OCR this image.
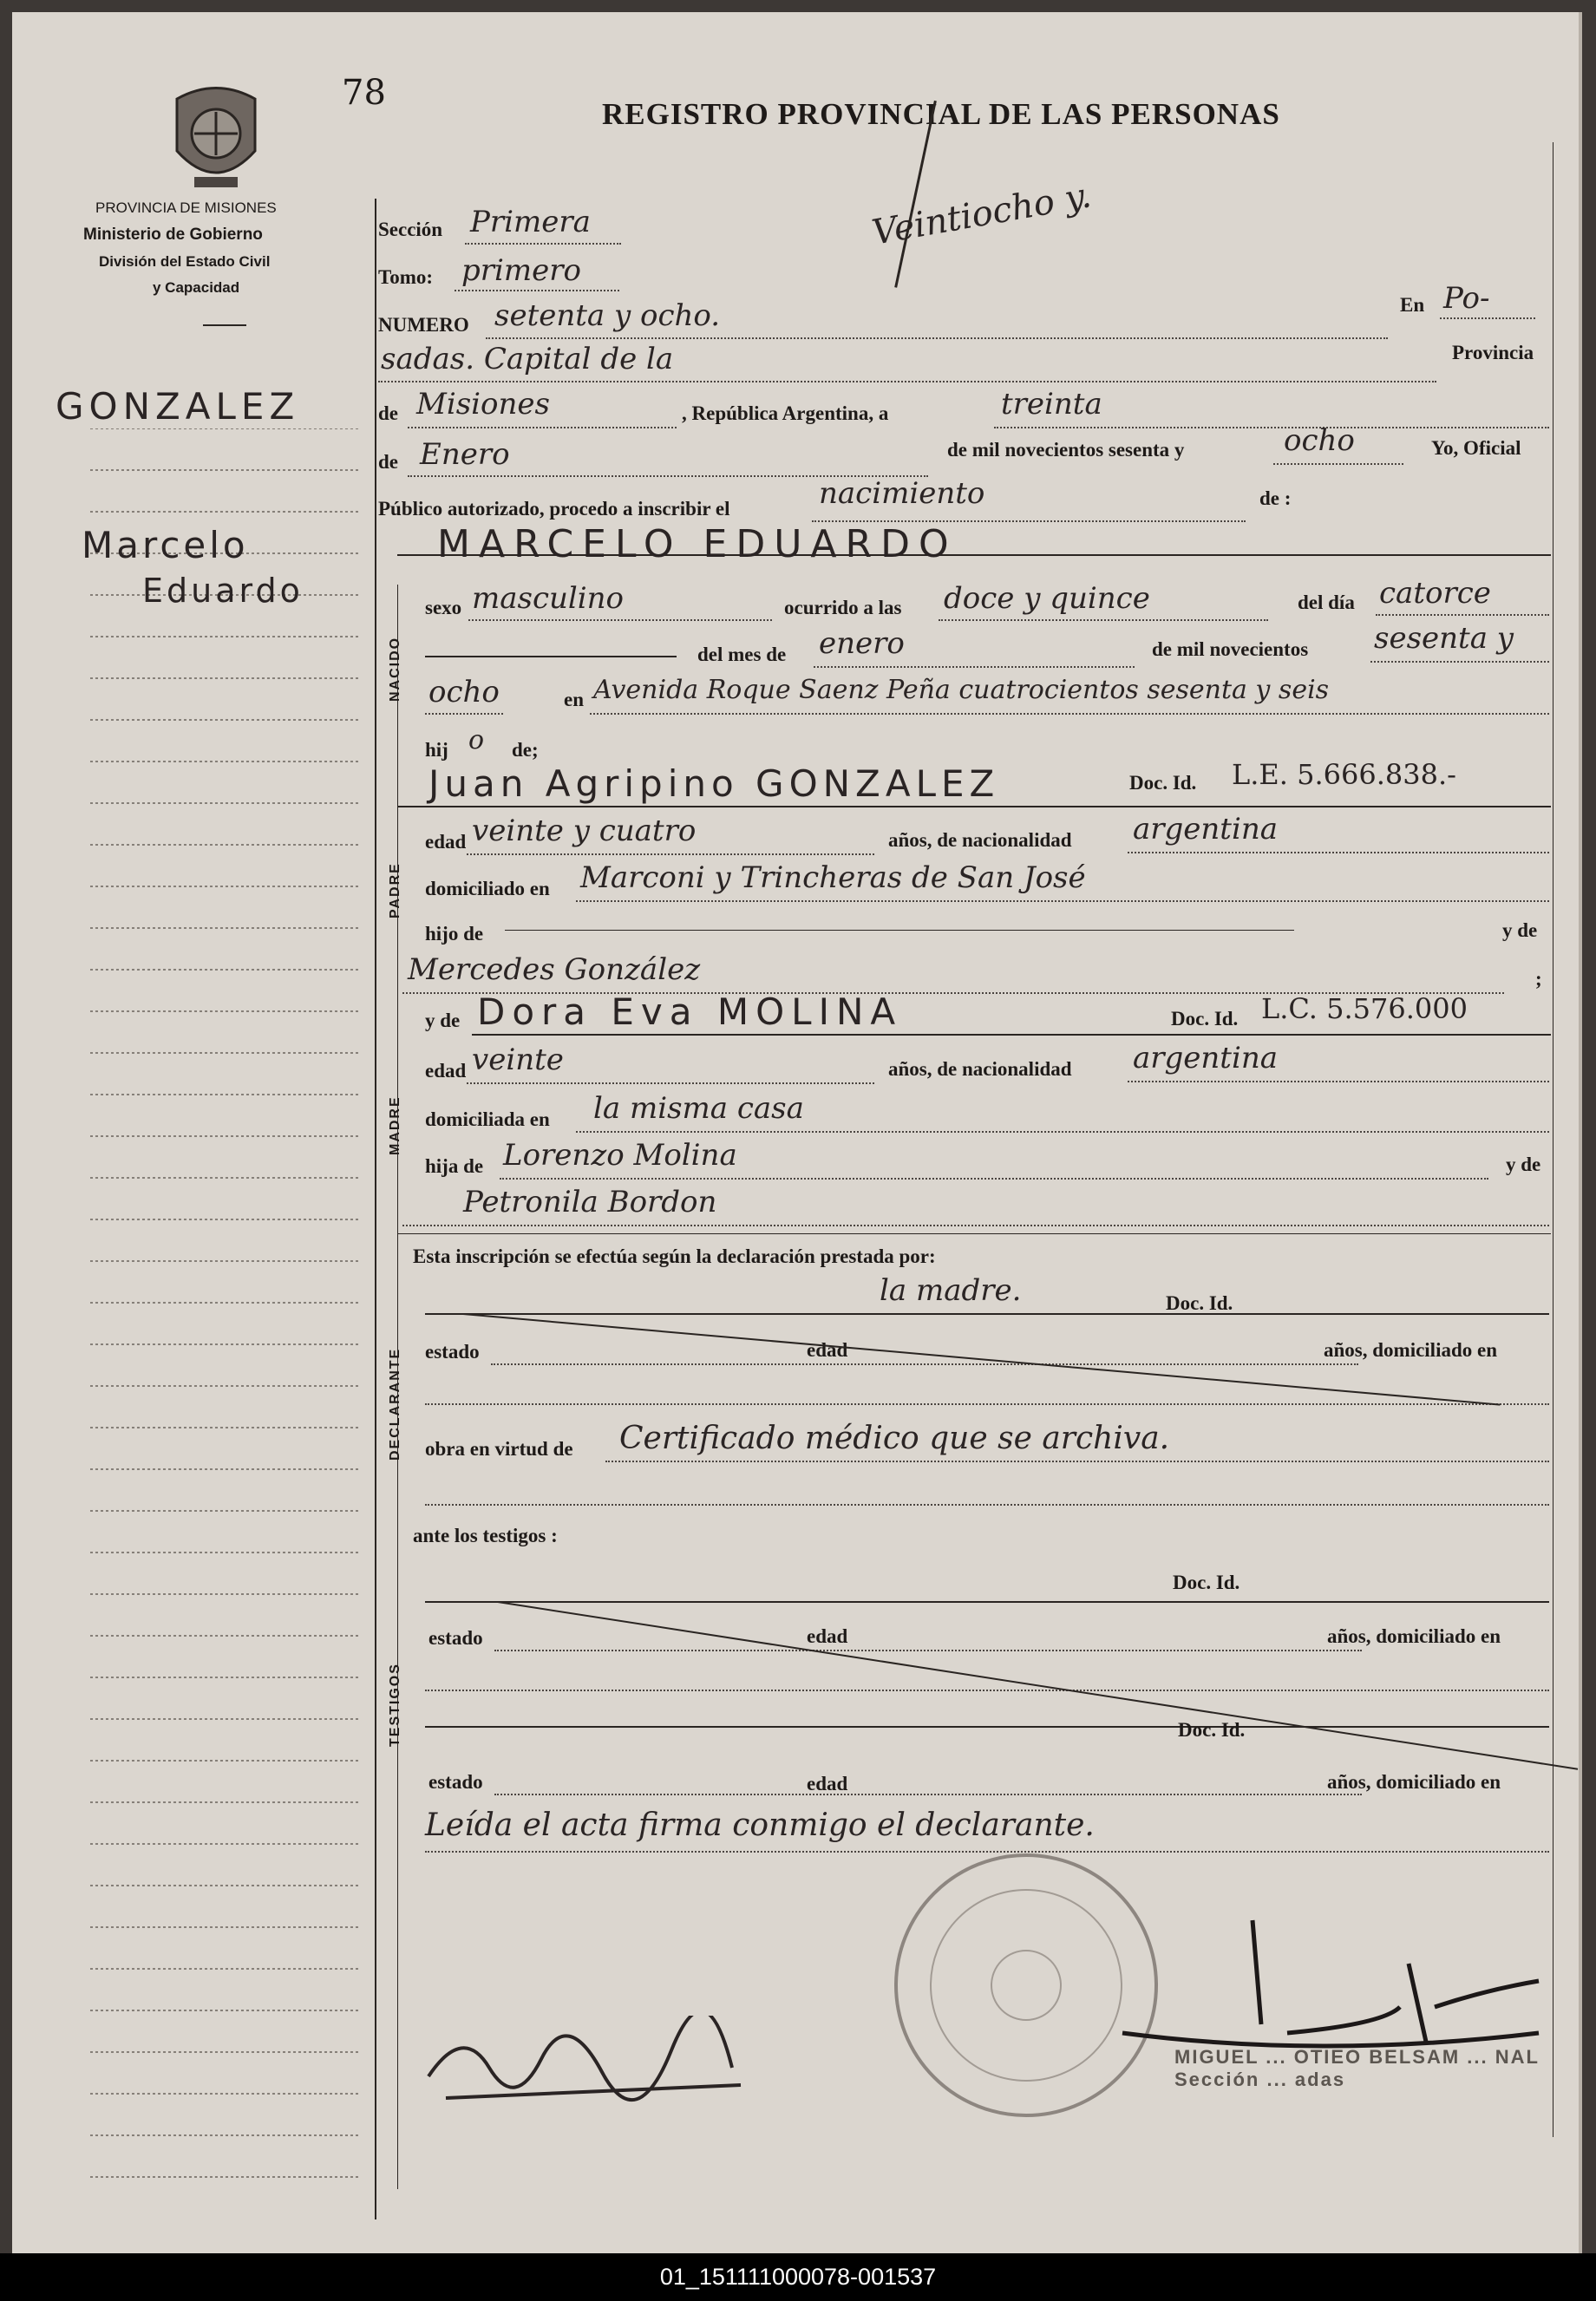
78
REGISTRO PROVINCIAL DE LAS PERSONAS
PROVINCIA DE MISIONES
Ministerio de Gobierno
División del Estado Civil
y Capacidad
GONZALEZ
Marcelo
Eduardo
Veintiocho y.
Sección Primera
Tomo: primero
NUMERO setenta y ocho.	En Po-
sadas. Capital de la	Provincia
de Misiones	, República Argentina, a	treinta
de Enero	de mil novecientos sesenta y	ocho	Yo, Oficial
Público autorizado, procedo a inscribir el	nacimiento	de :
MARCELO EDUARDO
NACIDO
sexo masculino	ocurrido a las doce y quince	del día catorce
del mes de enero	de mil novecientos sesenta y
ocho	en Avenida Roque Saenz Peña cuatrocientos sesenta y seis
hij o de;
Juan Agripino GONZALEZ	Doc. Id. L.E. 5.666.838.-
PADRE
edad veinte y cuatro	años, de nacionalidad argentina
domiciliado en Marconi y Trincheras de San José
hijo de	y de
Mercedes González	;
y de Dora Eva MOLINA	Doc. Id. L.C. 5.576.000
MADRE
edad veinte	años, de nacionalidad argentina
domiciliada en la misma casa
hija de Lorenzo Molina	y de
Petronila Bordon
Esta inscripción se efectúa según la declaración prestada por:
DECLARANTE
la madre.	Doc. Id.
estado	edad	años, domiciliado en
obra en virtud de Certificado médico que se archiva.
ante los testigos :
TESTIGOS
Doc. Id.
estado	edad	años, domiciliado en
Doc. Id.
estado	edad	años, domiciliado en
Leída el acta firma conmigo el declarante.
MIGUEL ... OTIEO BELSAM ... NAL Sección ... adas
01_151111000078-001537
